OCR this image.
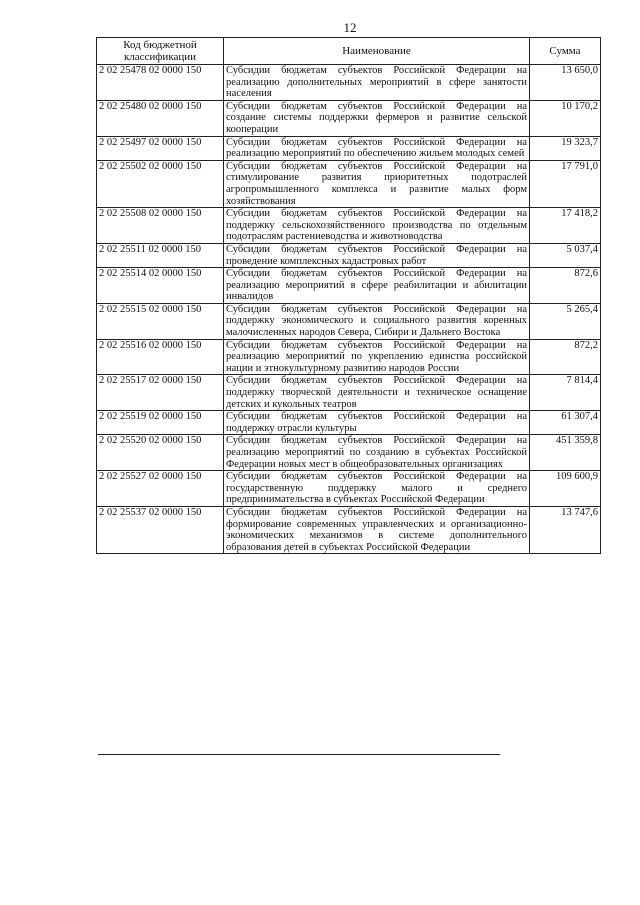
12
Код бюджетной классификации	Наименование	Сумма
2 02 25478 02 0000 150	Субсидии бюджетам субъектов Российской Федерации на реализацию дополнительных мероприятий в сфере занятости населения	13 650,0
2 02 25480 02 0000 150	Субсидии бюджетам субъектов Российской Федерации на создание системы поддержки фермеров и развитие сельской кооперации	10 170,2
2 02 25497 02 0000 150	Субсидии бюджетам субъектов Российской Федерации на реализацию мероприятий по обеспечению жильем молодых семей	19 323,7
2 02 25502 02 0000 150	Субсидии бюджетам субъектов Российской Федерации на стимулирование развития приоритетных подотраслей агропромышленного комплекса и развитие малых форм хозяйствования	17 791,0
2 02 25508 02 0000 150	Субсидии бюджетам субъектов Российской Федерации на поддержку сельскохозяйственного производства по отдельным подотраслям растениеводства и животноводства	17 418,2
2 02 25511 02 0000 150	Субсидии бюджетам субъектов Российской Федерации на проведение комплексных кадастровых работ	5 037,4
2 02 25514 02 0000 150	Субсидии бюджетам субъектов Российской Федерации на реализацию мероприятий в сфере реабилитации и абилитации инвалидов	872,6
2 02 25515 02 0000 150	Субсидии бюджетам субъектов Российской Федерации на поддержку экономического и социального развития коренных малочисленных народов Севера, Сибири и Дальнего Востока	5 265,4
2 02 25516 02 0000 150	Субсидии бюджетам субъектов Российской Федерации на реализацию мероприятий по укреплению единства российской нации и этнокультурному развитию народов России	872,2
2 02 25517 02 0000 150	Субсидии бюджетам субъектов Российской Федерации на поддержку творческой деятельности и техническое оснащение детских и кукольных театров	7 814,4
2 02 25519 02 0000 150	Субсидии бюджетам субъектов Российской Федерации на поддержку отрасли культуры	61 307,4
2 02 25520 02 0000 150	Субсидии бюджетам субъектов Российской Федерации на реализацию мероприятий по созданию в субъектах Российской Федерации новых мест в общеобразовательных организациях	451 359,8
2 02 25527 02 0000 150	Субсидии бюджетам субъектов Российской Федерации на государственную поддержку малого и среднего предпринимательства в субъектах Российской Федерации	109 600,9
2 02 25537 02 0000 150	Субсидии бюджетам субъектов Российской Федерации на формирование современных управленческих и организационно-экономических механизмов в системе дополнительного образования детей в субъектах Российской Федерации	13 747,6
